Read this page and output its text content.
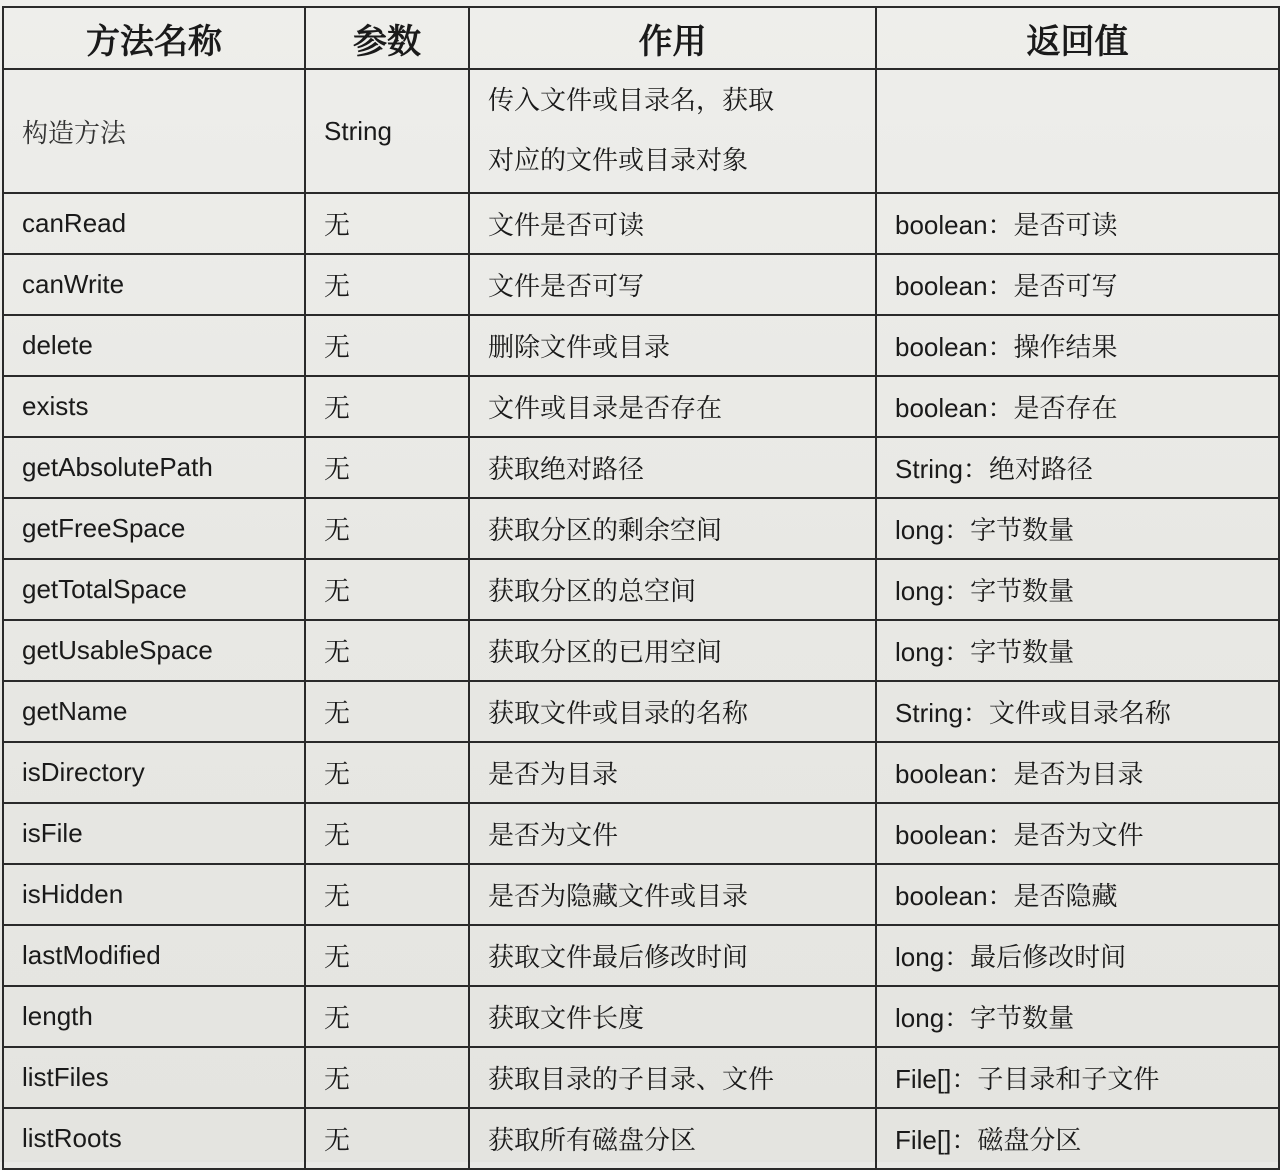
方法名称	参数	作用	返回值
构造方法	String	传入文件或目录名，获取
对应的文件或目录对象	

canRead	无	文件是否可读	boolean：是否可读
canWrite	无	文件是否可写	boolean：是否可写
delete	无	删除文件或目录	boolean：操作结果
exists	无	文件或目录是否存在	boolean：是否存在
getAbsolutePath	无	获取绝对路径	String：绝对路径
getFreeSpace	无	获取分区的剩余空间	long：字节数量
getTotalSpace	无	获取分区的总空间	long：字节数量
getUsableSpace	无	获取分区的已用空间	long：字节数量
getName	无	获取文件或目录的名称	String：文件或目录名称
isDirectory	无	是否为目录	boolean：是否为目录
isFile	无	是否为文件	boolean：是否为文件
isHidden	无	是否为隐藏文件或目录	boolean：是否隐藏
lastModified	无	获取文件最后修改时间	long：最后修改时间
length	无	获取文件长度	long：字节数量
listFiles	无	获取目录的子目录、文件	File[]：子目录和子文件
listRoots	无	获取所有磁盘分区	File[]：磁盘分区
